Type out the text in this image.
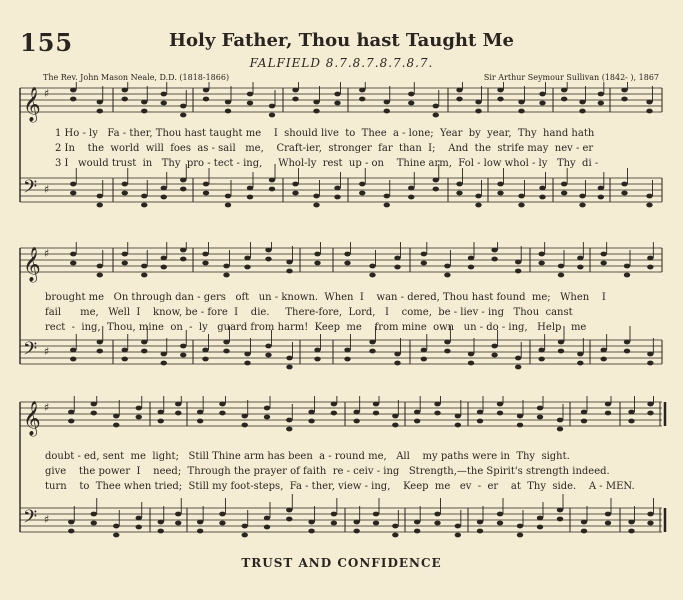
155	Holy Father, Thou hast Taught Me
FALFIELD 8.7.8.7.8.7.8.7.
The Rev. John Mason Neale, D.D. (1818-1866)	Sir Arthur Seymour Sullivan (1842- ), 1867
𝄞 ♯
𝄢 ♯
1 Ho - ly   Fa - ther, Thou hast taught me    I  should live  to  Thee  a - lone;  Year  by  year,  Thy  hand hath
2 In    the  world  will  foes  as - sail   me,    Craft-ier,  stronger  far  than  I;    And  the  strife may  nev - er
3 I   would trust  in   Thy  pro - tect - ing,     Whol-ly  rest  up - on    Thine arm,  Fol - low whol - ly   Thy  di -
𝄞 ♯
𝄢 ♯
brought me   On through dan - gers   oft   un - known.  When  I    wan - dered, Thou hast found  me;   When    I
fail      me,   Well  I    know, be - fore  I    die.     There-fore,  Lord,   I    come,  be - liev - ing   Thou  canst
rect  -  ing,  Thou, mine  on  -  ly   guard from harm!  Keep  me    from mine  own   un - do - ing,   Help   me
𝄞 ♯
𝄢 ♯
doubt - ed, sent  me  light;   Still Thine arm has been  a - round me,   All    my paths were in  Thy  sight.
give    the power  I    need;  Through the prayer of faith  re - ceiv - ing   Strength,—the Spirit's strength indeed.
turn    to  Thee when tried;  Still my foot-steps,  Fa - ther, view - ing,    Keep  me   ev  -  er    at  Thy  side.    A - MEN.
TRUST AND CONFIDENCE
